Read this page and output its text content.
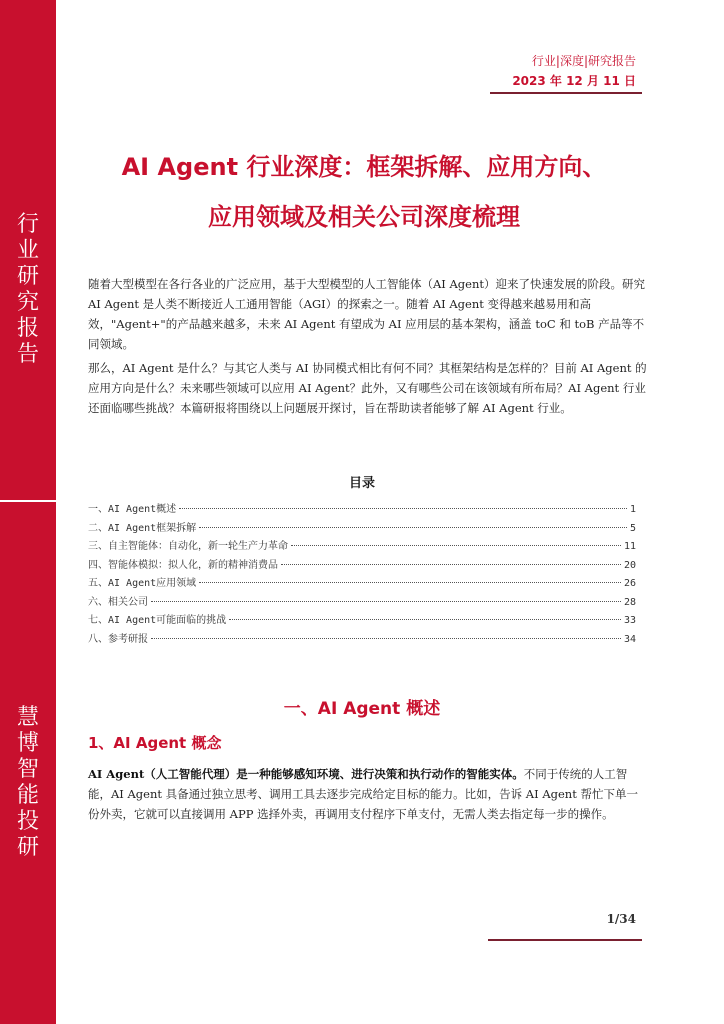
行业研究报告
慧博智能投研
行业|深度|研究报告
2023 年 12 月 11 日
AI Agent 行业深度：框架拆解、应用方向、
应用领域及相关公司深度梳理
随着大型模型在各行各业的广泛应用，基于大型模型的人工智能体（AI Agent）迎来了快速发展的阶段。研究 AI Agent 是人类不断接近人工通用智能（AGI）的探索之一。随着 AI Agent 变得越来越易用和高效，"Agent+"的产品越来越多，未来 AI Agent 有望成为 AI 应用层的基本架构，涵盖 toC 和 toB 产品等不同领域。
那么，AI Agent 是什么？与其它人类与 AI 协同模式相比有何不同？其框架结构是怎样的？目前 AI Agent 的应用方向是什么？未来哪些领域可以应用 AI Agent？此外，又有哪些公司在该领域有所布局？AI Agent 行业还面临哪些挑战？本篇研报将围绕以上问题展开探讨，旨在帮助读者能够了解 AI Agent 行业。
目录
一、AI Agent概述	1
二、AI Agent框架拆解	5
三、自主智能体：自动化，新一轮生产力革命	11
四、智能体模拟：拟人化，新的精神消费品	20
五、AI Agent应用领域	26
六、相关公司	28
七、AI Agent可能面临的挑战	33
八、参考研报	34
一、AI Agent 概述
1、AI Agent 概念
AI Agent（人工智能代理）是一种能够感知环境、进行决策和执行动作的智能实体。不同于传统的人工智能，AI Agent 具备通过独立思考、调用工具去逐步完成给定目标的能力。比如，告诉 AI Agent 帮忙下单一份外卖，它就可以直接调用 APP 选择外卖，再调用支付程序下单支付，无需人类去指定每一步的操作。
1/34
